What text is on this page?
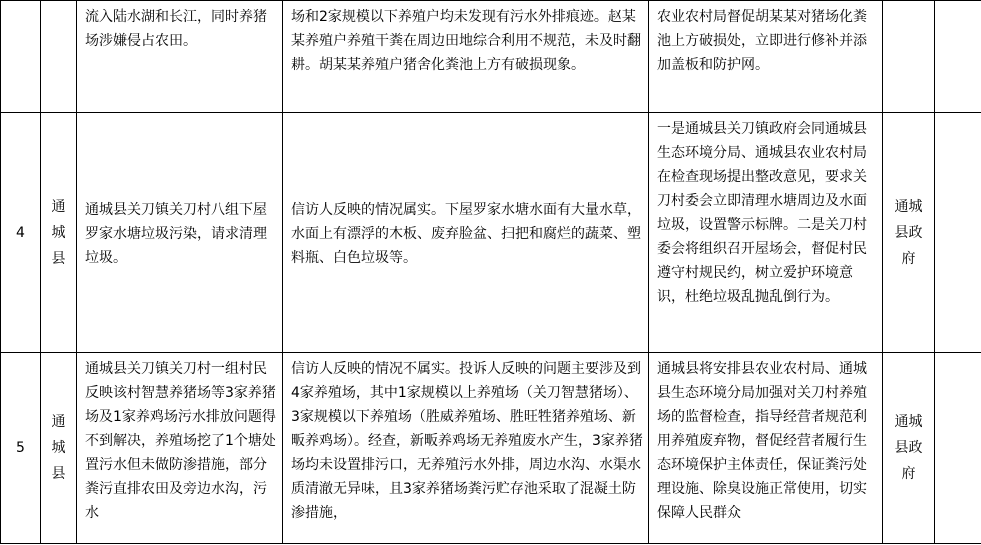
		流入陆水湖和长江，同时养猪场涉嫌侵占农田。	场和2家规模以下养殖户均未发现有污水外排痕迹。赵某某养殖户养殖干粪在周边田地综合利用不规范，未及时翻耕。胡某某养殖户猪舍化粪池上方有破损现象。	农业农村局督促胡某某对猪场化粪池上方破损处，立即进行修补并添加盖板和防护网。		

4	通城县	通城县关刀镇关刀村八组下屋罗家水塘垃圾污染，请求清理垃圾。	信访人反映的情况属实。下屋罗家水塘水面有大量水草，水面上有漂浮的木板、废弃脸盆、扫把和腐烂的蔬菜、塑料瓶、白色垃圾等。	一是通城县关刀镇政府会同通城县生态环境分局、通城县农业农村局在检查现场提出整改意见，要求关刀村委会立即清理水塘周边及水面垃圾，设置警示标牌。二是关刀村委会将组织召开屋场会，督促村民遵守村规民约，树立爱护环境意识，杜绝垃圾乱抛乱倒行为。	通城县政府	

5	通城县	通城县关刀镇关刀村一组村民反映该村智慧养猪场等3家养猪场及1家养鸡场污水排放问题得不到解决，养殖场挖了1个塘处置污水但未做防渗措施，部分粪污直排农田及旁边水沟，污水	信访人反映的情况不属实。投诉人反映的问题主要涉及到4家养殖场，其中1家规模以上养殖场（关刀智慧猪场）、3家规模以下养殖场（胜威养殖场、胜旺牲猪养殖场、新畈养鸡场）。经查，新畈养鸡场无养殖废水产生，3家养猪场均未设置排污口，无养殖污水外排，周边水沟、水渠水质清澈无异味，且3家养猪场粪污贮存池采取了混凝土防渗措施，	通城县将安排县农业农村局、通城县生态环境分局加强对关刀村养殖场的监督检查，指导经营者规范利用养殖废弃物，督促经营者履行生态环境保护主体责任，保证粪污处理设施、除臭设施正常使用，切实保障人民群众	通城县政府	
